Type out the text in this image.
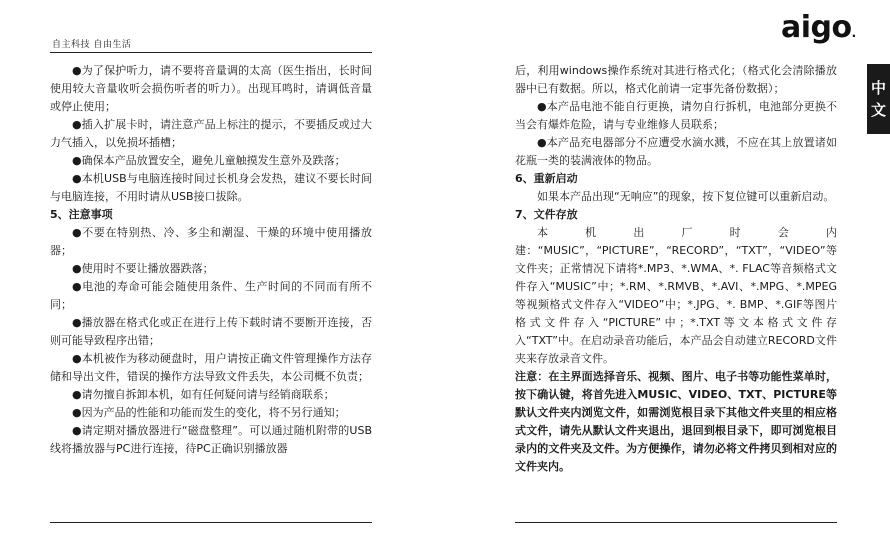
自主科技 自由生活

●为了保护听力，请不要将音量调的太高（医生指出，长时间使用较大音量收听会损伤听者的听力）。出现耳鸣时，请调低音量或停止使用；

●插入扩展卡时，请注意产品上标注的提示，不要插反或过大力气插入，以免损坏插槽；

●确保本产品放置安全，避免儿童触摸发生意外及跌落；

●本机USB与电脑连接时间过长机身会发热，建议不要长时间与电脑连接，不用时请从USB接口拔除。

5、注意事项

●不要在特别热、冷、多尘和潮湿、干燥的环境中使用播放器；

●使用时不要让播放器跌落；

●电池的寿命可能会随使用条件、生产时间的不同而有所不同；

●播放器在格式化或正在进行上传下载时请不要断开连接，否则可能导致程序出错；

●本机被作为移动硬盘时，用户请按正确文件管理操作方法存储和导出文件，错误的操作方法导致文件丢失，本公司概不负责；

●请勿擅自拆卸本机，如有任何疑问请与经销商联系；

●因为产品的性能和功能而发生的变化，将不另行通知；

●请定期对播放器进行“磁盘整理”。可以通过随机附带的USB线将播放器与PC进行连接，待PC正确识别播放器

aigo.
中
文

后，利用windows操作系统对其进行格式化；（格式化会清除播放器中已有数据。所以，格式化前请一定事先备份数据）；

●本产品电池不能自行更换，请勿自行拆机，电池部分更换不当会有爆炸危险，请与专业维修人员联系；

●本产品充电器部分不应遭受水滴水溅，不应在其上放置诸如花瓶一类的装满液体的物品。

6、重新启动

如果本产品出现“无响应”的现象，按下复位键可以重新启动。

7、文件存放

本机出厂时会内建：“MUSIC”，“PICTURE”，“RECORD”，“TXT”，“VIDEO”等文件夹；正常情况下请将*.MP3、*.WMA、*. FLAC等音频格式文件存入“MUSIC”中；*.RM、*.RMVB、*.AVI、*.MPG、*.MPEG等视频格式文件存入“VIDEO”中；*.JPG、*. BMP、*.GIF等图片格式文件存入“PICTURE”中；*.TXT等文本格式文件存入“TXT”中。在启动录音功能后，本产品会自动建立RECORD文件夹来存放录音文件。

注意：在主界面选择音乐、视频、图片、电子书等功能性菜单时，按下确认键，将首先进入MUSIC、VIDEO、TXT、PICTURE等默认文件夹内浏览文件，如需浏览根目录下其他文件夹里的相应格式文件，请先从默认文件夹退出，退回到根目录下，即可浏览根目录内的文件夹及文件。为方便操作，请勿必将文件拷贝到相对应的文件夹内。
